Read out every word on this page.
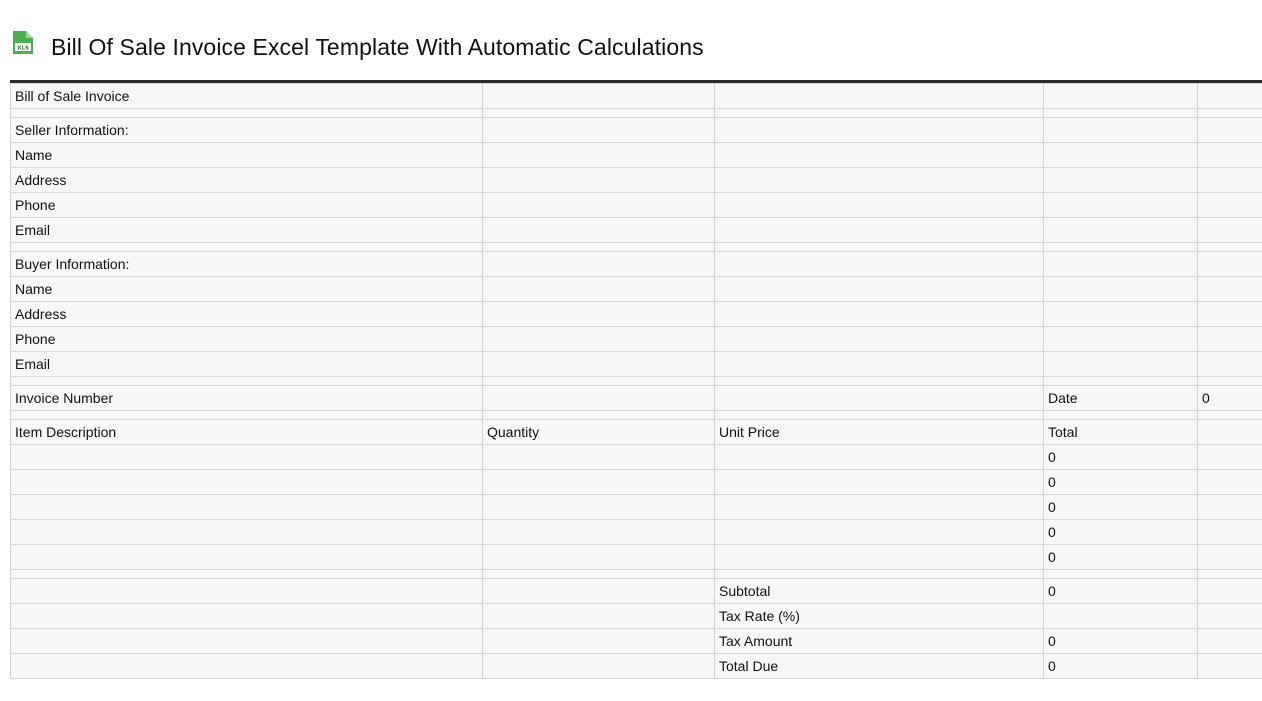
XLS Bill Of Sale Invoice Excel Template With Automatic Calculations
Bill of Sale Invoice				

Seller Information:				
Name				
Address				
Phone				
Email				

Buyer Information:				
Name				
Address				
Phone				
Email				

Invoice Number			Date	0

Item Description	Quantity	Unit Price	Total	
			0	
			0	
			0	
			0	
			0	

		Subtotal	0	
		Tax Rate (%)		
		Tax Amount	0	
		Total Due	0	
